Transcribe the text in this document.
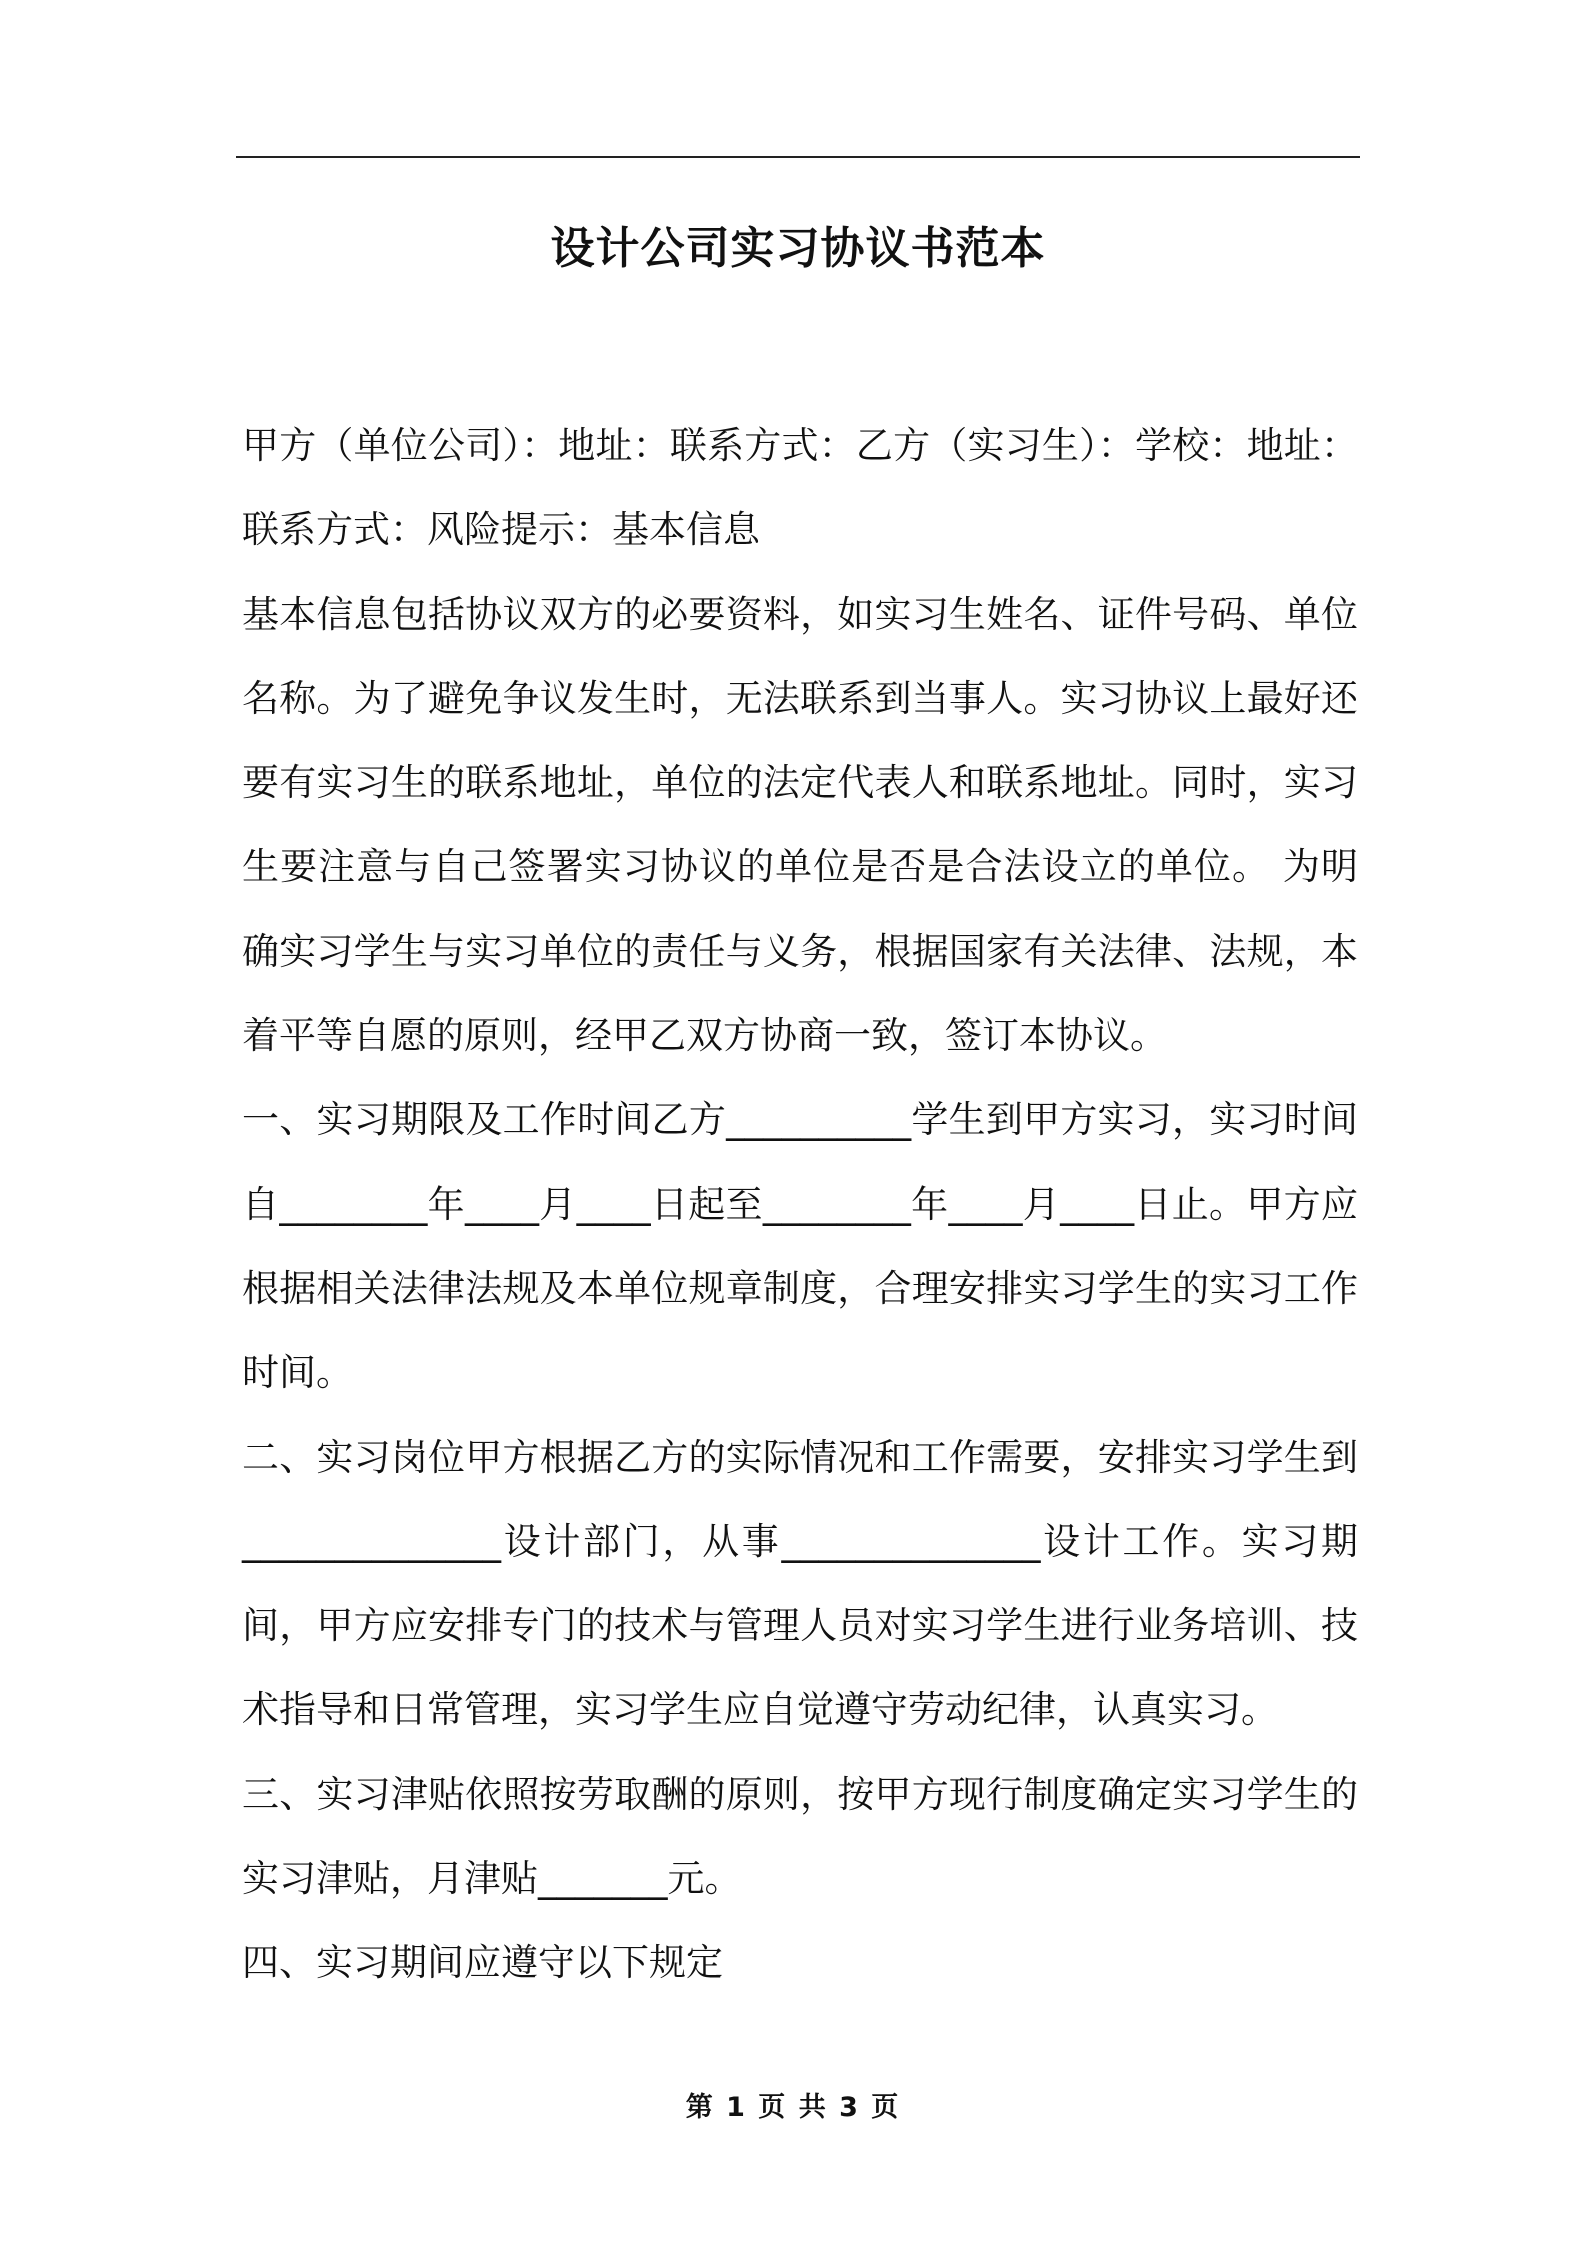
设计公司实习协议书范本

甲方（单位公司）：地址：联系方式：乙方（实习生）：学校：地址：联系方式：风险提示：基本信息

基本信息包括协议双方的必要资料，如实习生姓名、证件号码、单位名称。为了避免争议发生时，无法联系到当事人。实习协议上最好还要有实习生的联系地址，单位的法定代表人和联系地址。同时，实习生要注意与自己签署实习协议的单位是否是合法设立的单位。 为明确实习学生与实习单位的责任与义务，根据国家有关法律、法规，本着平等自愿的原则，经甲乙双方协商一致，签订本协议。

一、实习期限及工作时间乙方__________学生到甲方实习，实习时间自________年____月____日起至________年____月____日止。甲方应根据相关法律法规及本单位规章制度，合理安排实习学生的实习工作时间。

二、实习岗位甲方根据乙方的实际情况和工作需要，安排实习学生到______________设计部门，从事______________设计工作。实习期间，甲方应安排专门的技术与管理人员对实习学生进行业务培训、技术指导和日常管理，实习学生应自觉遵守劳动纪律，认真实习。

三、实习津贴依照按劳取酬的原则，按甲方现行制度确定实习学生的实习津贴，月津贴_______元。

四、实习期间应遵守以下规定

第 1 页 共 3 页
